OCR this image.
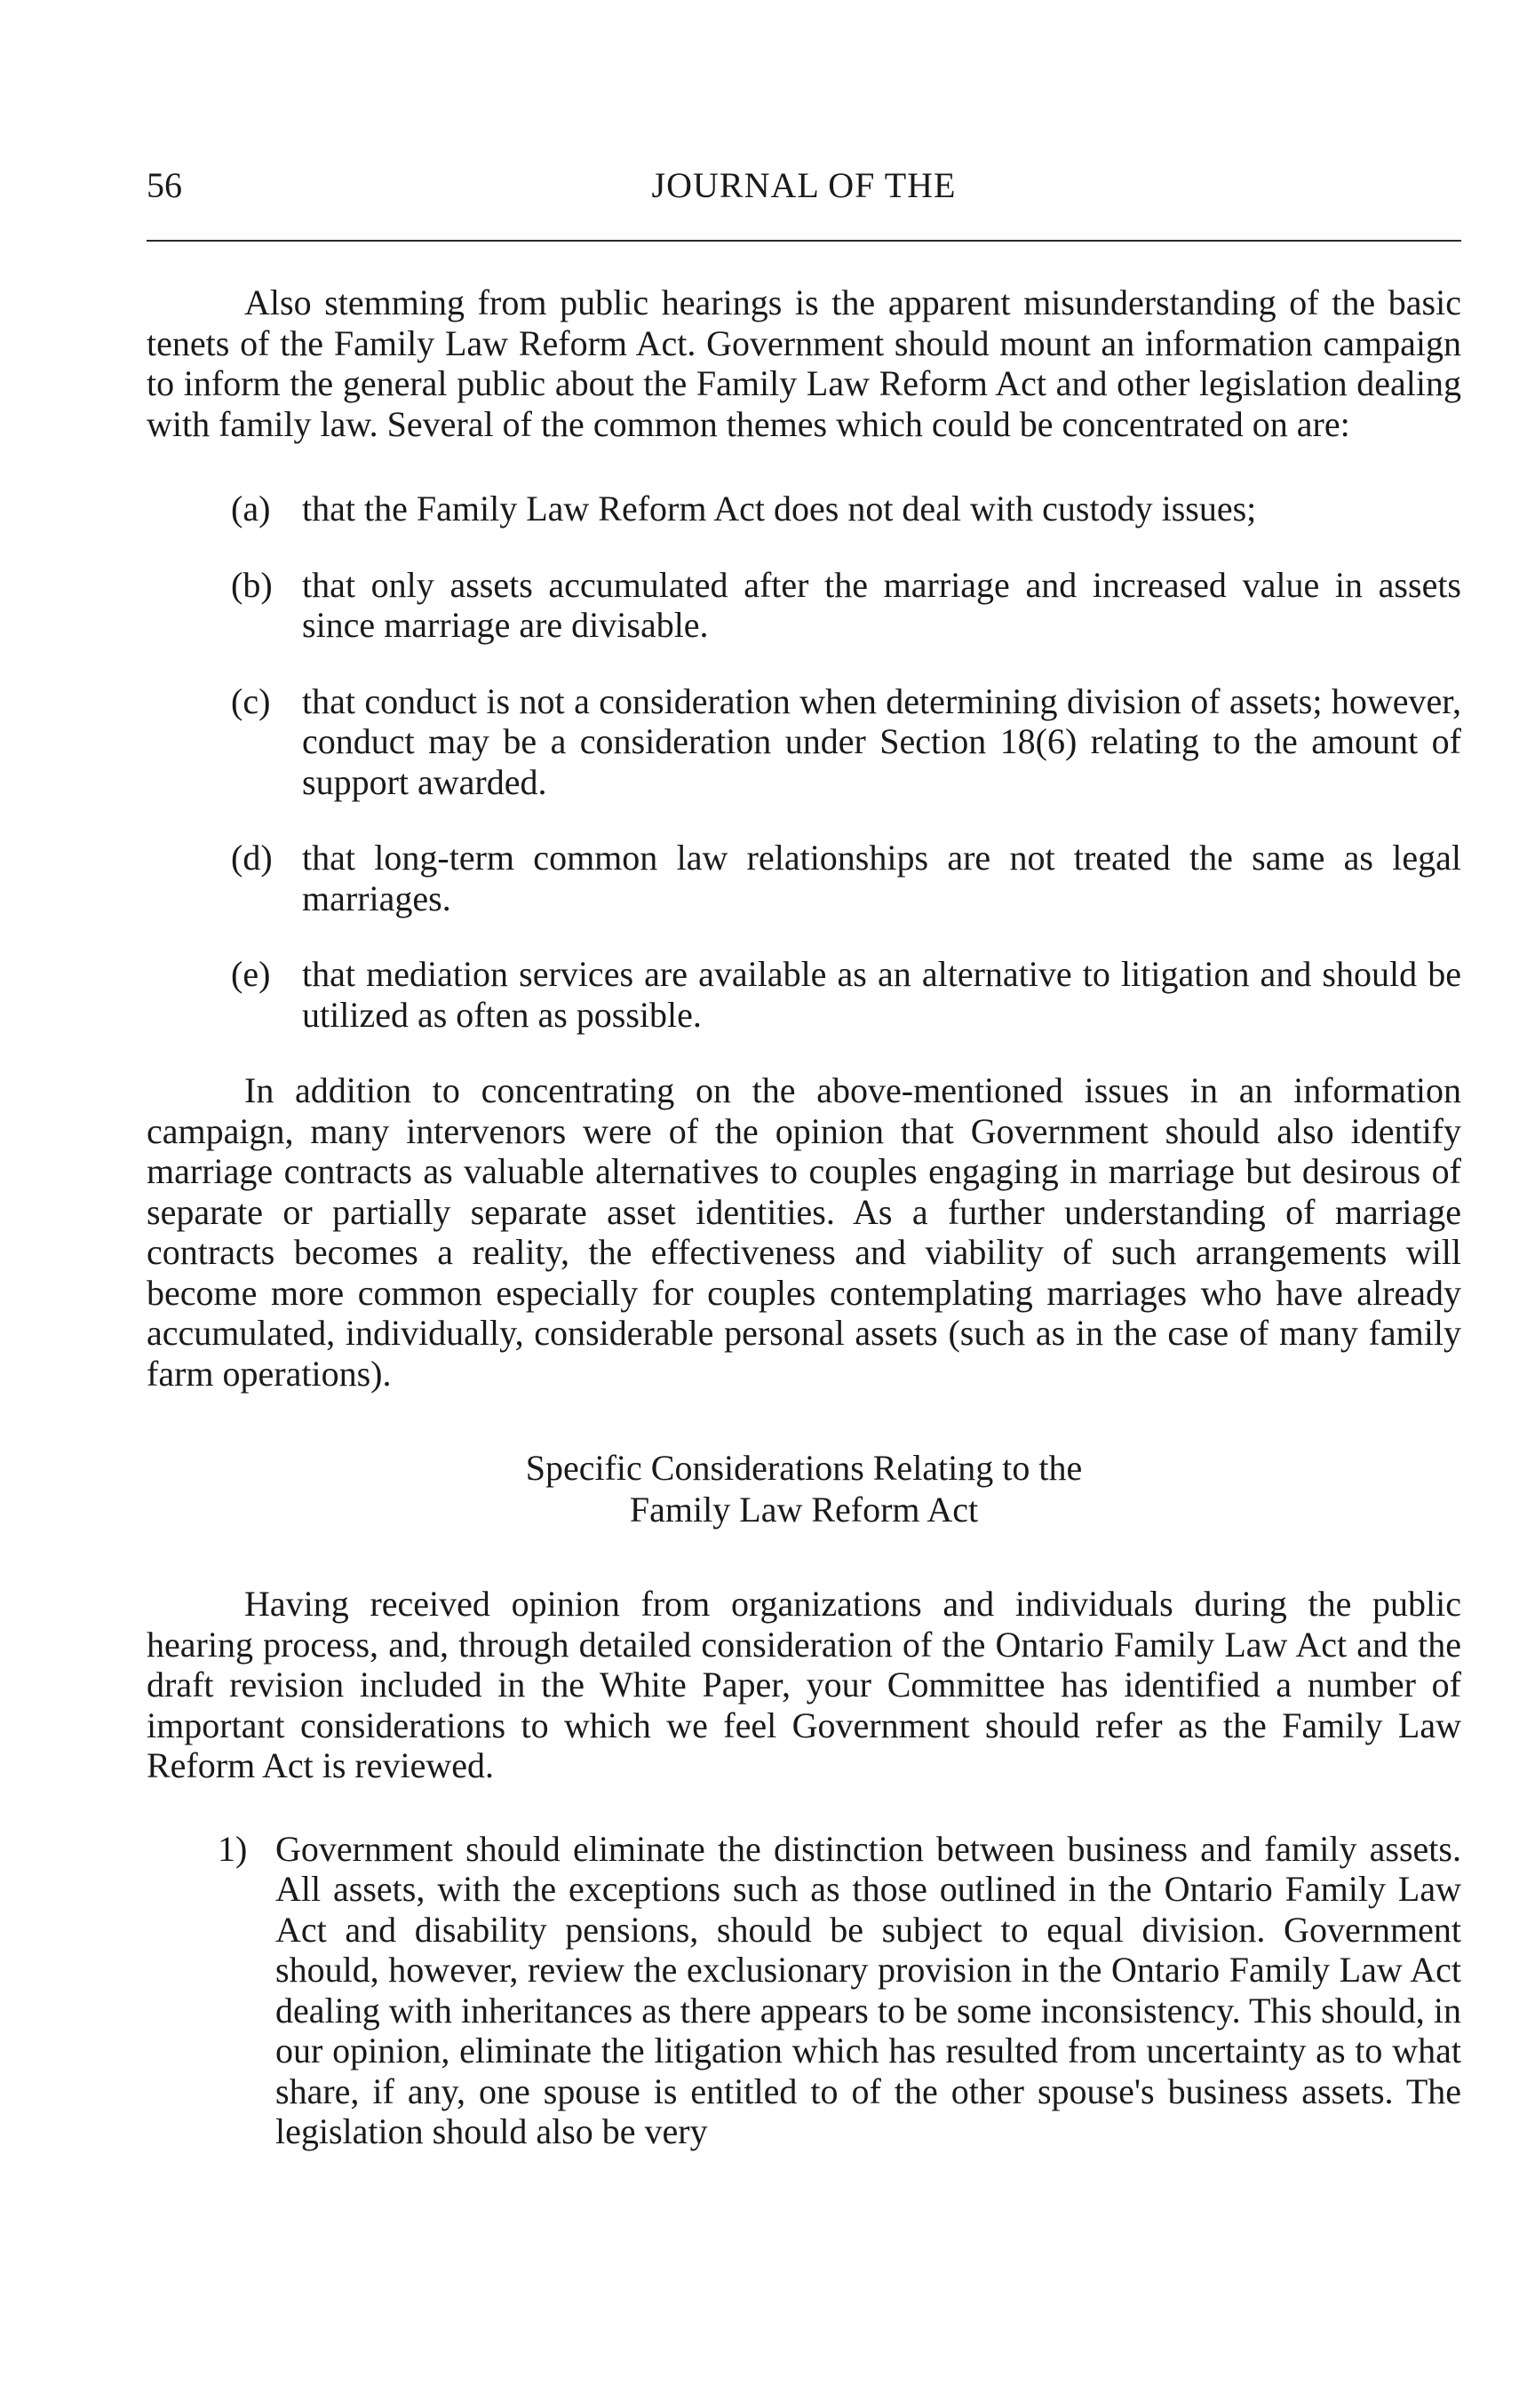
56	JOURNAL OF THE

Also stemming from public hearings is the apparent misunderstanding of the basic tenets of the Family Law Reform Act. Government should mount an information campaign to inform the general public about the Family Law Reform Act and other legislation dealing with family law. Several of the common themes which could be concentrated on are:

(a) that the Family Law Reform Act does not deal with custody issues;
(b) that only assets accumulated after the marriage and increased value in assets since marriage are divisable.
(c) that conduct is not a consideration when determining division of assets; however, conduct may be a consideration under Section 18(6) relating to the amount of support awarded.
(d) that long-term common law relationships are not treated the same as legal marriages.
(e) that mediation services are available as an alternative to litigation and should be utilized as often as possible.

In addition to concentrating on the above-mentioned issues in an information campaign, many intervenors were of the opinion that Government should also identify marriage contracts as valuable alternatives to couples engaging in marriage but desirous of separate or partially separate asset identities. As a further understanding of marriage contracts becomes a reality, the effectiveness and viability of such arrangements will become more common especially for couples contemplating marriages who have already accumulated, individually, considerable personal assets (such as in the case of many family farm operations).

Specific Considerations Relating to the
Family Law Reform Act

Having received opinion from organizations and individuals during the public hearing process, and, through detailed consideration of the Ontario Family Law Act and the draft revision included in the White Paper, your Committee has identified a number of important considerations to which we feel Government should refer as the Family Law Reform Act is reviewed.

1) Government should eliminate the distinction between business and family assets. All assets, with the exceptions such as those outlined in the Ontario Family Law Act and disability pensions, should be subject to equal division. Government should, however, review the exclusionary provision in the Ontario Family Law Act dealing with inheritances as there appears to be some inconsistency. This should, in our opinion, eliminate the litigation which has resulted from uncertainty as to what share, if any, one spouse is entitled to of the other spouse's business assets. The legislation should also be very
